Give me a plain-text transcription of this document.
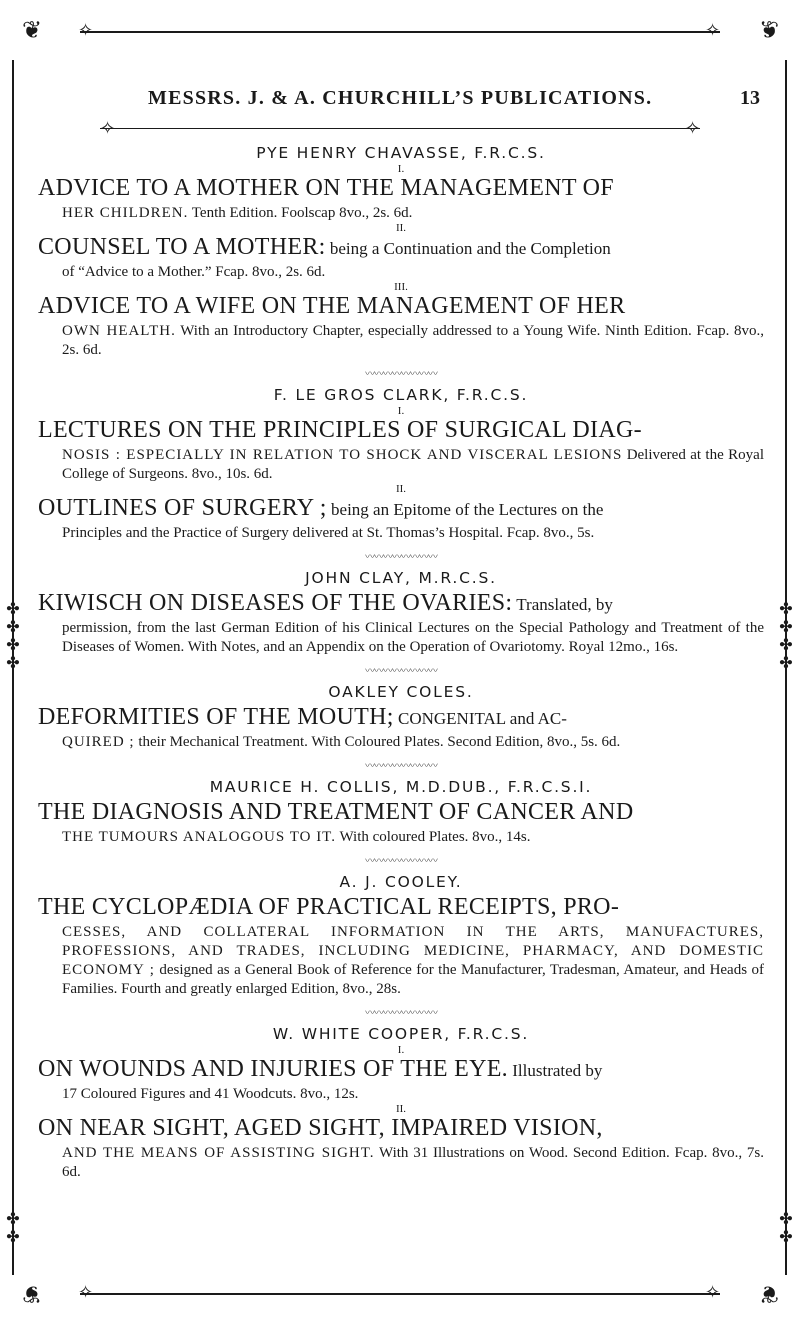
❦	❦
✧	✧
MESSRS. J. & A. CHURCHILL’S PUBLICATIONS.	13
✧	✧
✤
✤
✤
✤
✤
✤
✤
✤
✤
✤
✤
✤

PYE HENRY CHAVASSE, F.R.C.S.

I.

ADVICE TO A MOTHER ON THE MANAGEMENT OF

HER CHILDREN. Tenth Edition. Foolscap 8vo., 2s. 6d.

II.

COUNSEL TO A MOTHER: being a Continuation and the Completion

of “Advice to a Mother.” Fcap. 8vo., 2s. 6d.

III.

ADVICE TO A WIFE ON THE MANAGEMENT OF HER

OWN HEALTH. With an Introductory Chapter, especially addressed to a Young Wife. Ninth Edition. Fcap. 8vo., 2s. 6d.

〰〰〰〰〰〰〰〰

F. LE GROS CLARK, F.R.C.S.

I.

LECTURES ON THE PRINCIPLES OF SURGICAL DIAG-

NOSIS : ESPECIALLY IN RELATION TO SHOCK AND VISCERAL LESIONS Delivered at the Royal College of Surgeons. 8vo., 10s. 6d.

II.

OUTLINES OF SURGERY ; being an Epitome of the Lectures on the

Principles and the Practice of Surgery delivered at St. Thomas’s Hospital. Fcap. 8vo., 5s.

〰〰〰〰〰〰〰〰

JOHN CLAY, M.R.C.S.

KIWISCH ON DISEASES OF THE OVARIES: Translated, by

permission, from the last German Edition of his Clinical Lectures on the Special Pathology and Treatment of the Diseases of Women. With Notes, and an Appendix on the Operation of Ovariotomy. Royal 12mo., 16s.

〰〰〰〰〰〰〰〰

OAKLEY COLES.

DEFORMITIES OF THE MOUTH; CONGENITAL and AC-

QUIRED ; their Mechanical Treatment. With Coloured Plates. Second Edition, 8vo., 5s. 6d.

〰〰〰〰〰〰〰〰

MAURICE H. COLLIS, M.D.DUB., F.R.C.S.I.

THE DIAGNOSIS AND TREATMENT OF CANCER AND

THE TUMOURS ANALOGOUS TO IT. With coloured Plates. 8vo., 14s.

〰〰〰〰〰〰〰〰

A. J. COOLEY.

THE CYCLOPÆDIA OF PRACTICAL RECEIPTS, PRO-

CESSES, AND COLLATERAL INFORMATION IN THE ARTS, MANUFACTURES, PROFESSIONS, AND TRADES, INCLUDING MEDICINE, PHARMACY, AND DOMESTIC ECONOMY ; designed as a General Book of Reference for the Manufacturer, Tradesman, Amateur, and Heads of Families. Fourth and greatly enlarged Edition, 8vo., 28s.

〰〰〰〰〰〰〰〰

W. WHITE COOPER, F.R.C.S.

I.

ON WOUNDS AND INJURIES OF THE EYE. Illustrated by

17 Coloured Figures and 41 Woodcuts. 8vo., 12s.

II.

ON NEAR SIGHT, AGED SIGHT, IMPAIRED VISION,

AND THE MEANS OF ASSISTING SIGHT. With 31 Illustrations on Wood. Second Edition. Fcap. 8vo., 7s. 6d.

❦	❦
✧	✧
